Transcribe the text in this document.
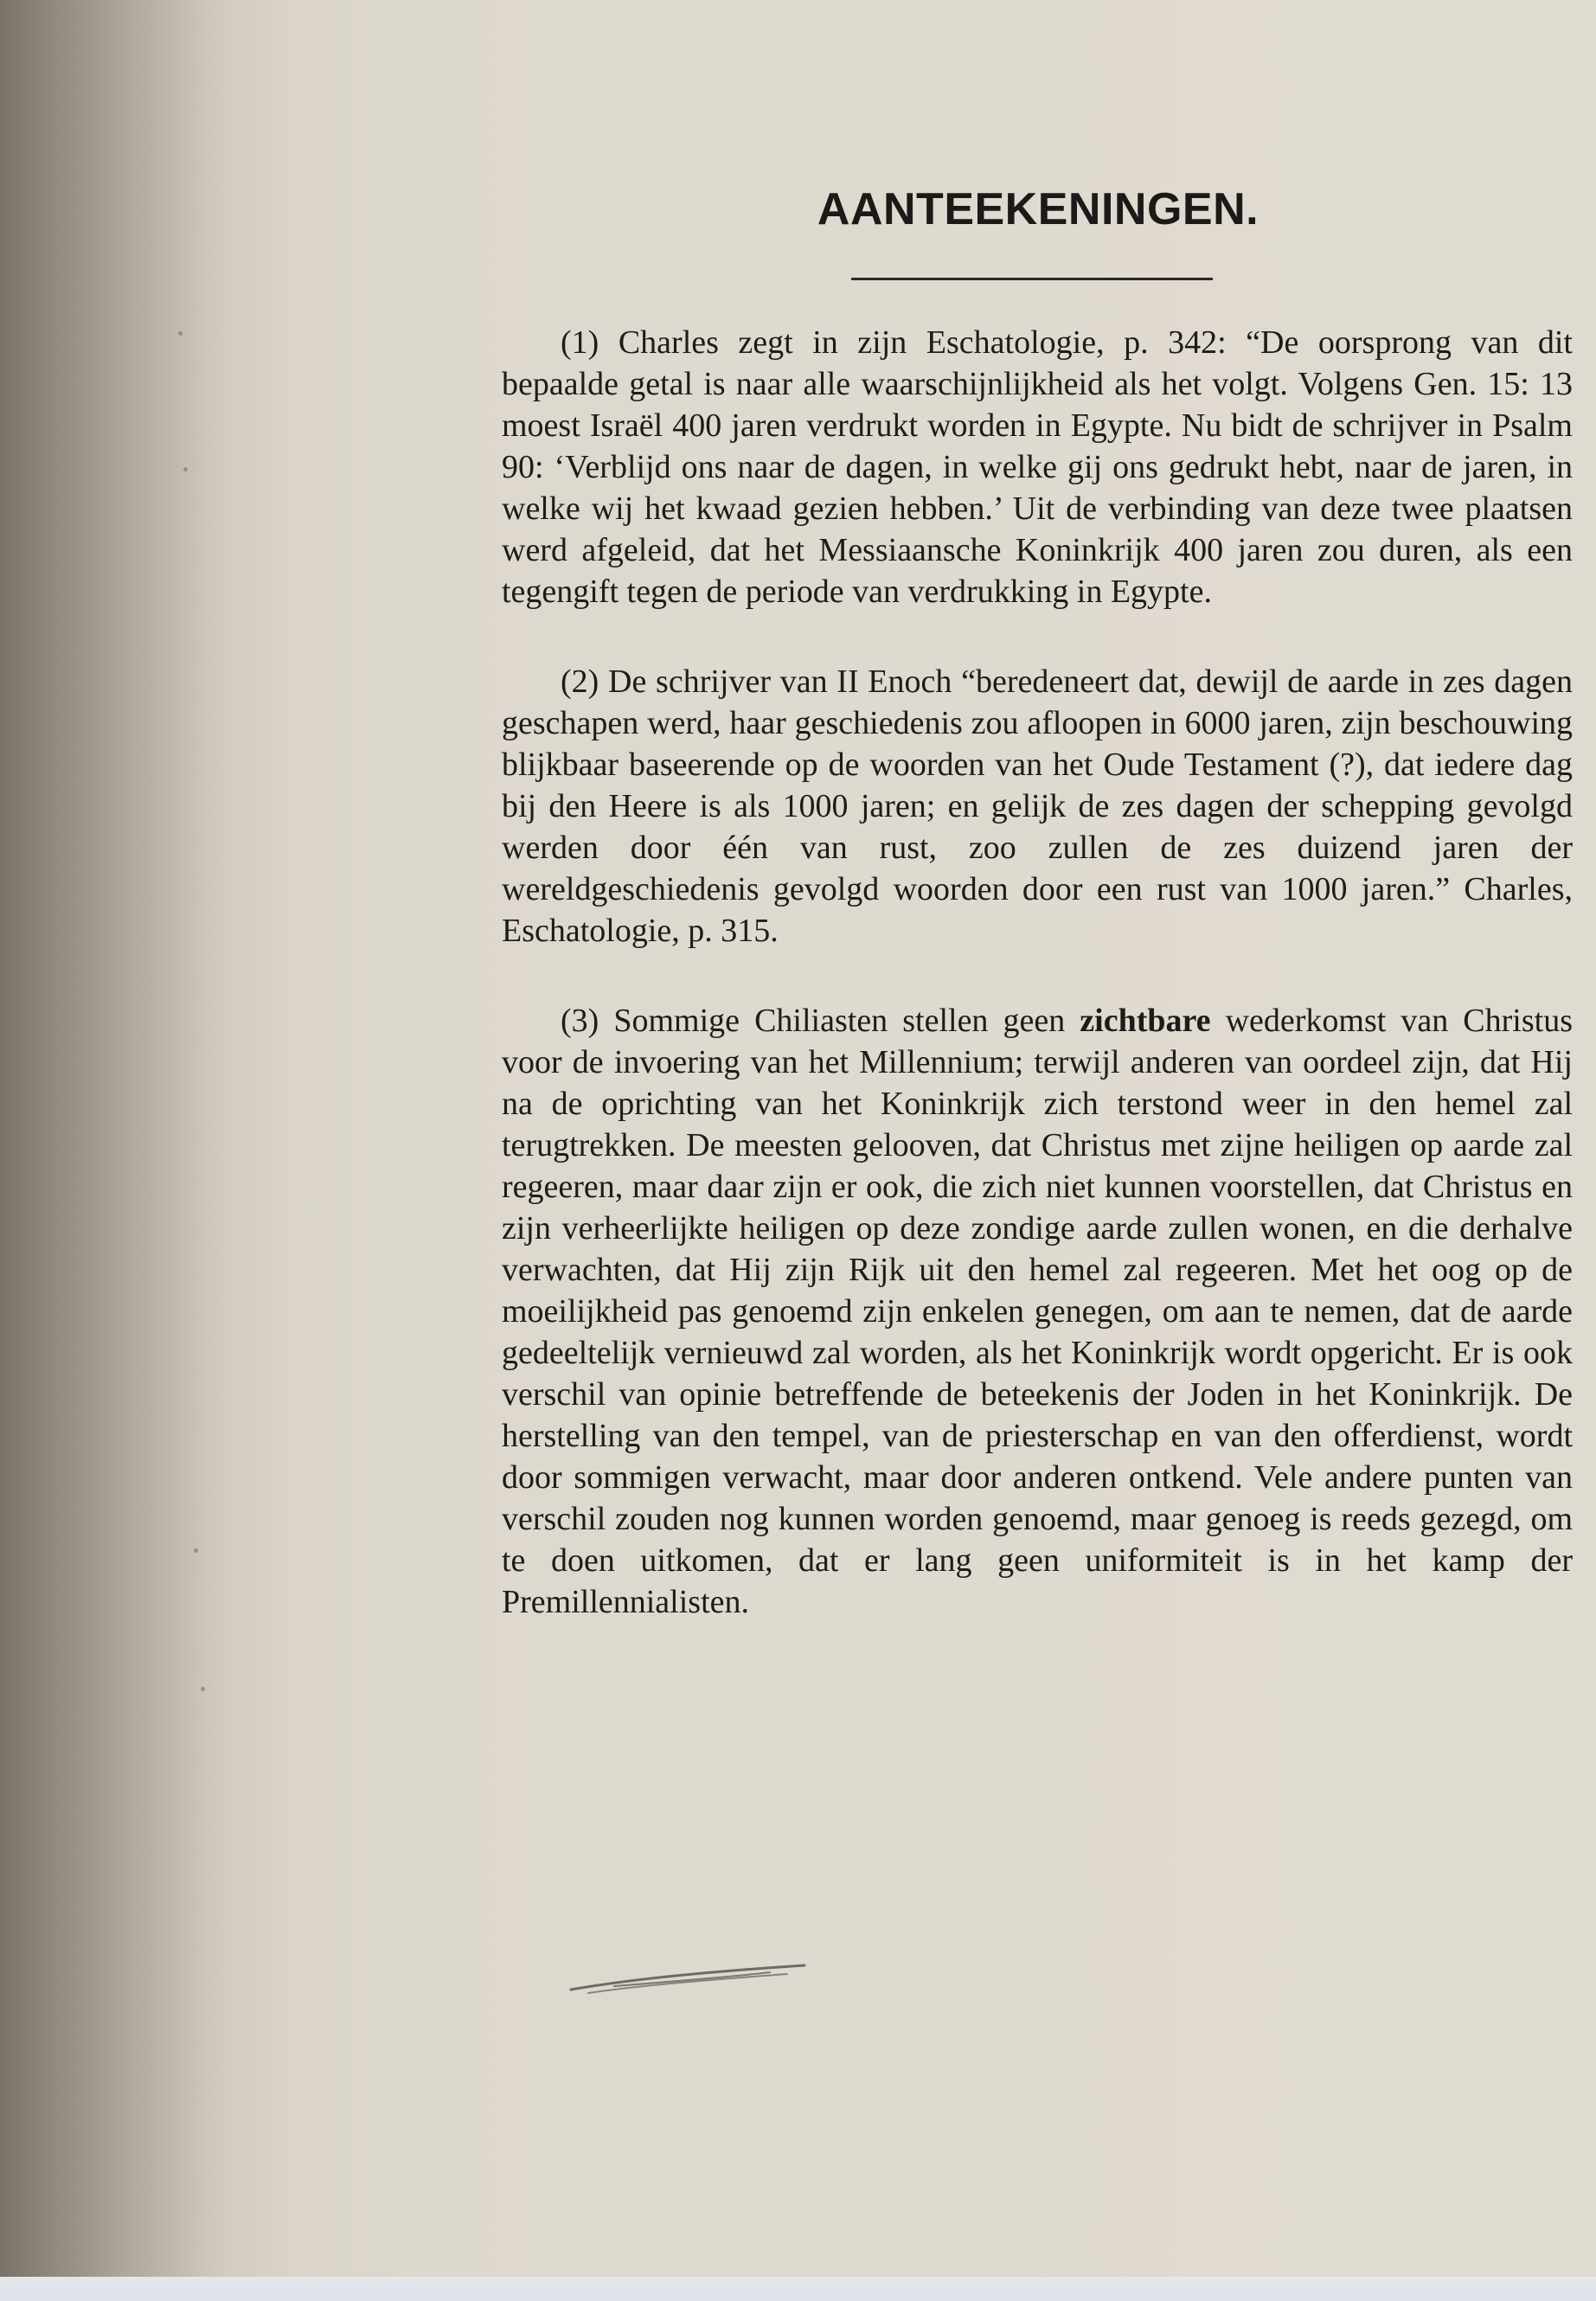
AANTEEKENINGEN.

(1) Charles zegt in zijn Eschatologie, p. 342: “De oorsprong van dit bepaalde getal is naar alle waarschijnlijkheid als het volgt. Volgens Gen. 15: 13 moest Israël 400 jaren verdrukt worden in Egypte. Nu bidt de schrijver in Psalm 90: ‘Verblijd ons naar de dagen, in welke gij ons gedrukt hebt, naar de jaren, in welke wij het kwaad gezien hebben.’ Uit de verbinding van deze twee plaatsen werd afgeleid, dat het Messiaansche Koninkrijk 400 jaren zou duren, als een tegengift tegen de periode van verdrukking in Egypte.

(2) De schrijver van II Enoch “beredeneert dat, dewijl de aarde in zes dagen geschapen werd, haar geschiedenis zou afloopen in 6000 jaren, zijn beschouwing blijkbaar baseerende op de woorden van het Oude Testament (?), dat iedere dag bij den Heere is als 1000 jaren; en gelijk de zes dagen der schepping gevolgd werden door één van rust, zoo zullen de zes duizend jaren der wereldgeschiedenis gevolgd woorden door een rust van 1000 jaren.” Charles, Eschatologie, p. 315.

(3) Sommige Chiliasten stellen geen zichtbare wederkomst van Christus voor de invoering van het Millennium; terwijl anderen van oordeel zijn, dat Hij na de oprichting van het Koninkrijk zich terstond weer in den hemel zal terugtrekken. De meesten gelooven, dat Christus met zijne heiligen op aarde zal regeeren, maar daar zijn er ook, die zich niet kunnen voorstellen, dat Christus en zijn verheerlijkte heiligen op deze zondige aarde zullen wonen, en die derhalve verwachten, dat Hij zijn Rijk uit den hemel zal regeeren. Met het oog op de moeilijkheid pas genoemd zijn enkelen genegen, om aan te nemen, dat de aarde gedeeltelijk vernieuwd zal worden, als het Koninkrijk wordt opgericht. Er is ook verschil van opinie betreffende de beteekenis der Joden in het Koninkrijk. De herstelling van den tempel, van de priesterschap en van den offerdienst, wordt door sommigen verwacht, maar door anderen ontkend. Vele andere punten van verschil zouden nog kunnen worden genoemd, maar genoeg is reeds gezegd, om te doen uitkomen, dat er lang geen uniformiteit is in het kamp der Premillennialisten.
